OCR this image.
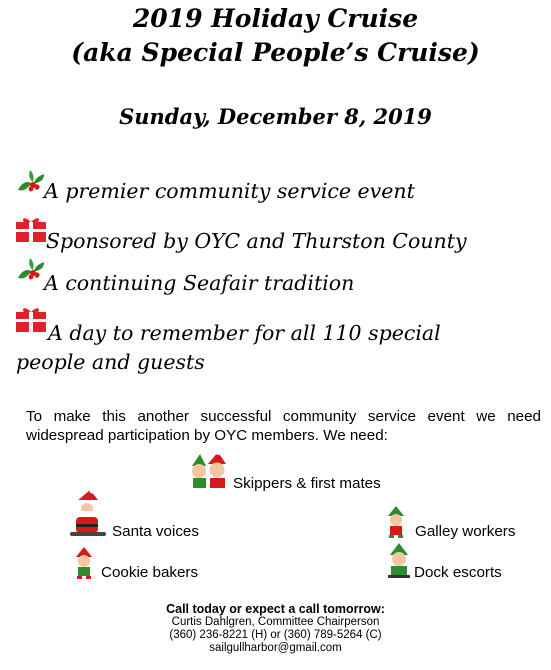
2019 Holiday Cruise
(aka Special People’s Cruise)
Sunday, December 8, 2019
A premier community service event
Sponsored by OYC and Thurston County
A continuing Seafair tradition
A day to remember for all 110 special
people and guests
To make this another successful community service event we need widespread participation by OYC members. We need:
Skippers & first mates
Santa voices	Galley workers
Cookie bakers	Dock escorts
Call today or expect a call tomorrow:
Curtis Dahlgren, Committee Chairperson
(360) 236-8221 (H) or (360) 789-5264 (C)
sailgullharbor@gmail.com
